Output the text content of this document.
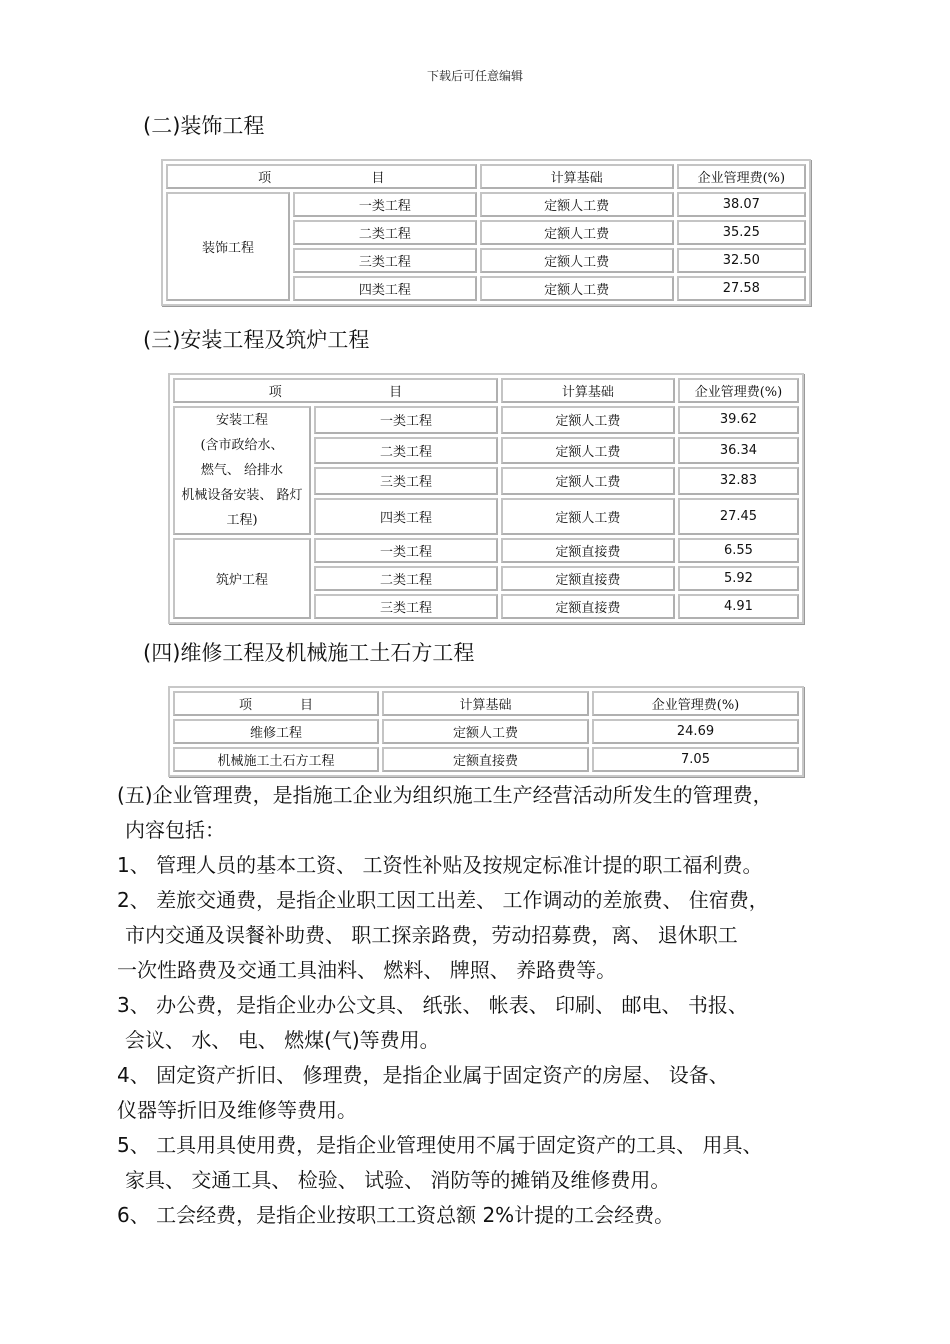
下载后可任意编辑
(二)装饰工程
项 目		计算基础	企业管理费(%)
装饰工程	一类工程	定额人工费	38.07
	二类工程	定额人工费	35.25
	三类工程	定额人工费	32.50
	四类工程	定额人工费	27.58
(三)安装工程及筑炉工程
项 目		计算基础	企业管理费(%)

安装工程
(含市政给水、
燃气、 给排水
机械设备安装、 路灯
工程)	一类工程	定额人工费	39.62
	二类工程	定额人工费	36.34
	三类工程	定额人工费	32.83
	四类工程	定额人工费	27.45
筑炉工程	一类工程	定额直接费	6.55
	二类工程	定额直接费	5.92
	三类工程	定额直接费	4.91
(四)维修工程及机械施工土石方工程
项 目	计算基础	企业管理费(%)
维修工程	定额人工费	24.69
机械施工土石方工程	定额直接费	7.05
(五)企业管理费，是指施工企业为组织施工生产经营活动所发生的管理费，
内容包括：
1、 管理人员的基本工资、 工资性补贴及按规定标准计提的职工福利费。
2、 差旅交通费，是指企业职工因工出差、 工作调动的差旅费、 住宿费，
市内交通及误餐补助费、 职工探亲路费，劳动招募费，离、 退休职工
一次性路费及交通工具油料、 燃料、 牌照、 养路费等。
3、 办公费，是指企业办公文具、 纸张、 帐表、 印刷、 邮电、 书报、
会议、 水、 电、 燃煤(气)等费用。
4、 固定资产折旧、 修理费，是指企业属于固定资产的房屋、 设备、
仪器等折旧及维修等费用。
5、 工具用具使用费，是指企业管理使用不属于固定资产的工具、 用具、
家具、 交通工具、 检验、 试验、 消防等的摊销及维修费用。
6、 工会经费，是指企业按职工工资总额 2%计提的工会经费。
